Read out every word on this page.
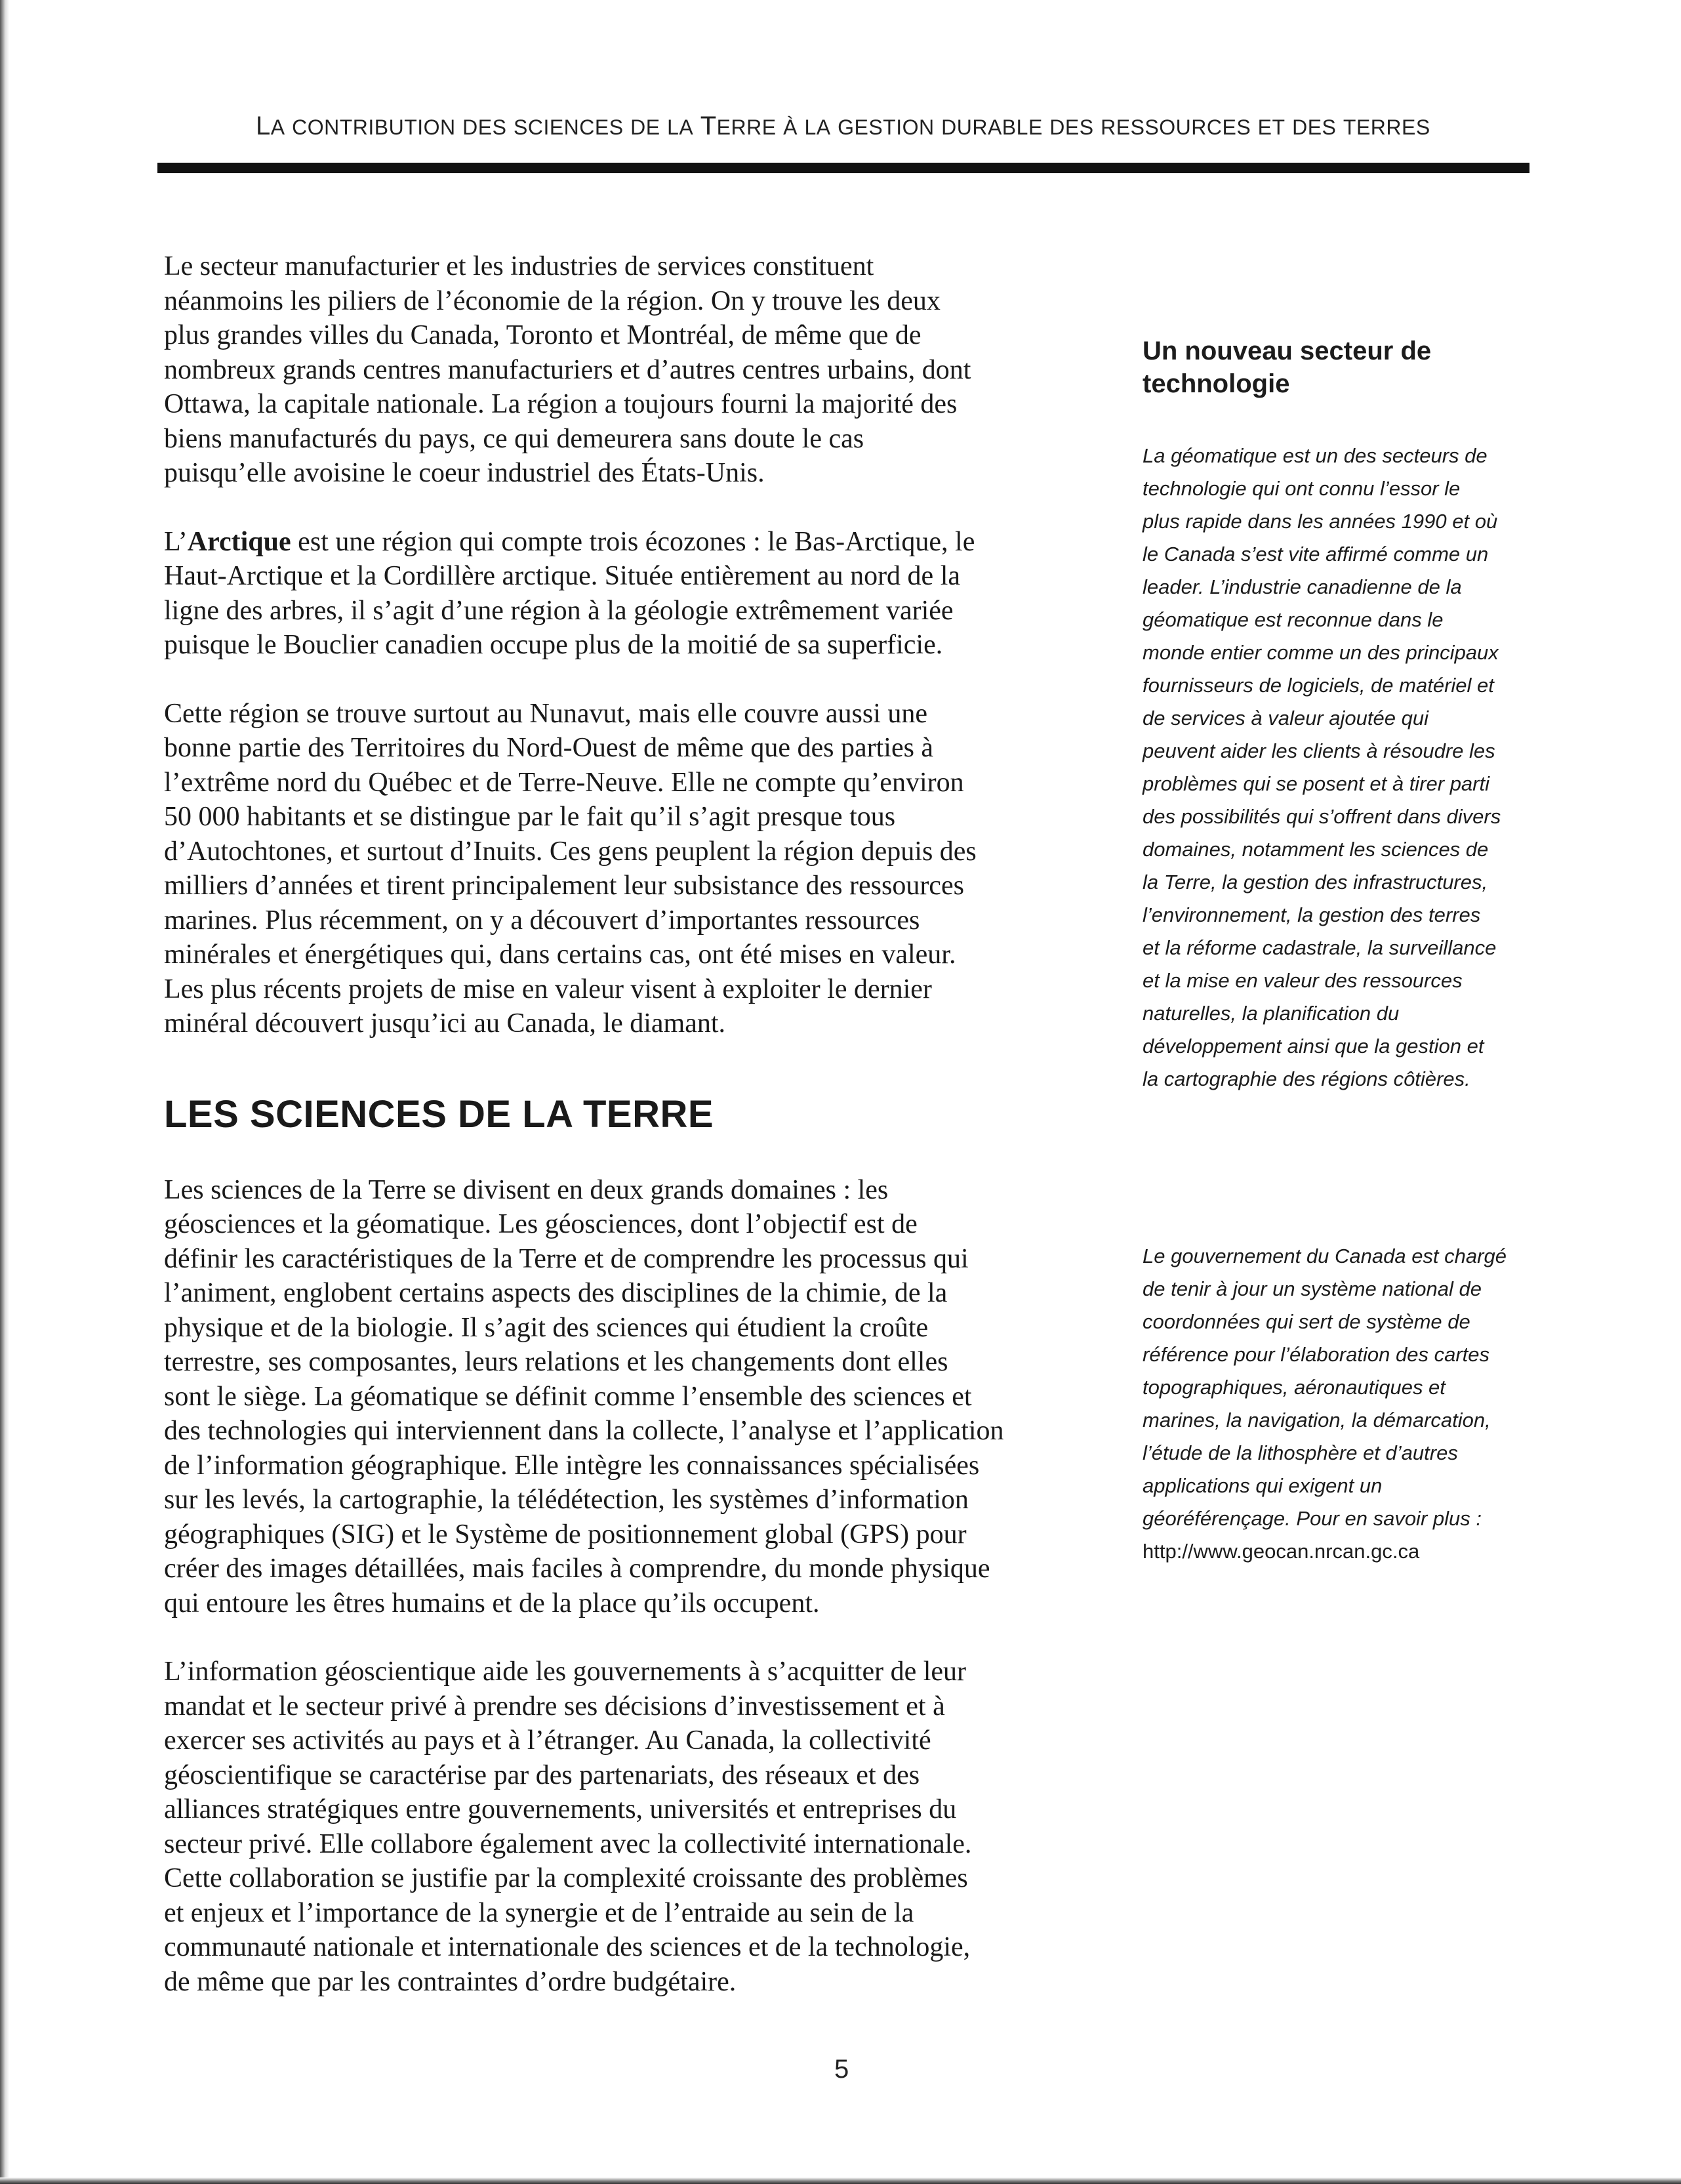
LA CONTRIBUTION DES SCIENCES DE LA TERRE À LA GESTION DURABLE DES RESSOURCES ET DES TERRES

Le secteur manufacturier et les industries de services constituent
néanmoins les piliers de l’économie de la région. On y trouve les deux
plus grandes villes du Canada, Toronto et Montréal, de même que de
nombreux grands centres manufacturiers et d’autres centres urbains, dont
Ottawa, la capitale nationale. La région a toujours fourni la majorité des
biens manufacturés du pays, ce qui demeurera sans doute le cas
puisqu’elle avoisine le coeur industriel des États-Unis.

L’Arctique est une région qui compte trois écozones : le Bas-Arctique, le
Haut-Arctique et la Cordillère arctique. Située entièrement au nord de la
ligne des arbres, il s’agit d’une région à la géologie extrêmement variée
puisque le Bouclier canadien occupe plus de la moitié de sa superficie.

Cette région se trouve surtout au Nunavut, mais elle couvre aussi une
bonne partie des Territoires du Nord-Ouest de même que des parties à
l’extrême nord du Québec et de Terre-Neuve. Elle ne compte qu’environ
50 000 habitants et se distingue par le fait qu’il s’agit presque tous
d’Autochtones, et surtout d’Inuits. Ces gens peuplent la région depuis des
milliers d’années et tirent principalement leur subsistance des ressources
marines. Plus récemment, on y a découvert d’importantes ressources
minérales et énergétiques qui, dans certains cas, ont été mises en valeur.
Les plus récents projets de mise en valeur visent à exploiter le dernier
minéral découvert jusqu’ici au Canada, le diamant.

LES SCIENCES DE LA TERRE

Les sciences de la Terre se divisent en deux grands domaines : les
géosciences et la géomatique. Les géosciences, dont l’objectif est de
définir les caractéristiques de la Terre et de comprendre les processus qui
l’animent, englobent certains aspects des disciplines de la chimie, de la
physique et de la biologie. Il s’agit des sciences qui étudient la croûte
terrestre, ses composantes, leurs relations et les changements dont elles
sont le siège. La géomatique se définit comme l’ensemble des sciences et
des technologies qui interviennent dans la collecte, l’analyse et l’application
de l’information géographique. Elle intègre les connaissances spécialisées
sur les levés, la cartographie, la télédétection, les systèmes d’information
géographiques (SIG) et le Système de positionnement global (GPS) pour
créer des images détaillées, mais faciles à comprendre, du monde physique
qui entoure les êtres humains et de la place qu’ils occupent.

L’information géoscientique aide les gouvernements à s’acquitter de leur
mandat et le secteur privé à prendre ses décisions d’investissement et à
exercer ses activités au pays et à l’étranger. Au Canada, la collectivité
géoscientifique se caractérise par des partenariats, des réseaux et des
alliances stratégiques entre gouvernements, universités et entreprises du
secteur privé. Elle collabore également avec la collectivité internationale.
Cette collaboration se justifie par la complexité croissante des problèmes
et enjeux et l’importance de la synergie et de l’entraide au sein de la
communauté nationale et internationale des sciences et de la technologie,
de même que par les contraintes d’ordre budgétaire.

Un nouveau secteur de
technologie
La géomatique est un des secteurs de
technologie qui ont connu l’essor le
plus rapide dans les années 1990 et où
le Canada s’est vite affirmé comme un
leader. L’industrie canadienne de la
géomatique est reconnue dans le
monde entier comme un des principaux
fournisseurs de logiciels, de matériel et
de services à valeur ajoutée qui
peuvent aider les clients à résoudre les
problèmes qui se posent et à tirer parti
des possibilités qui s’offrent dans divers
domaines, notamment les sciences de
la Terre, la gestion des infrastructures,
l’environnement, la gestion des terres
et la réforme cadastrale, la surveillance
et la mise en valeur des ressources
naturelles, la planification du
développement ainsi que la gestion et
la cartographie des régions côtières.
Le gouvernement du Canada est chargé
de tenir à jour un système national de
coordonnées qui sert de système de
référence pour l’élaboration des cartes
topographiques, aéronautiques et
marines, la navigation, la démarcation,
l’étude de la lithosphère et d’autres
applications qui exigent un
géoréférençage. Pour en savoir plus :
http://www.geocan.nrcan.gc.ca
5
